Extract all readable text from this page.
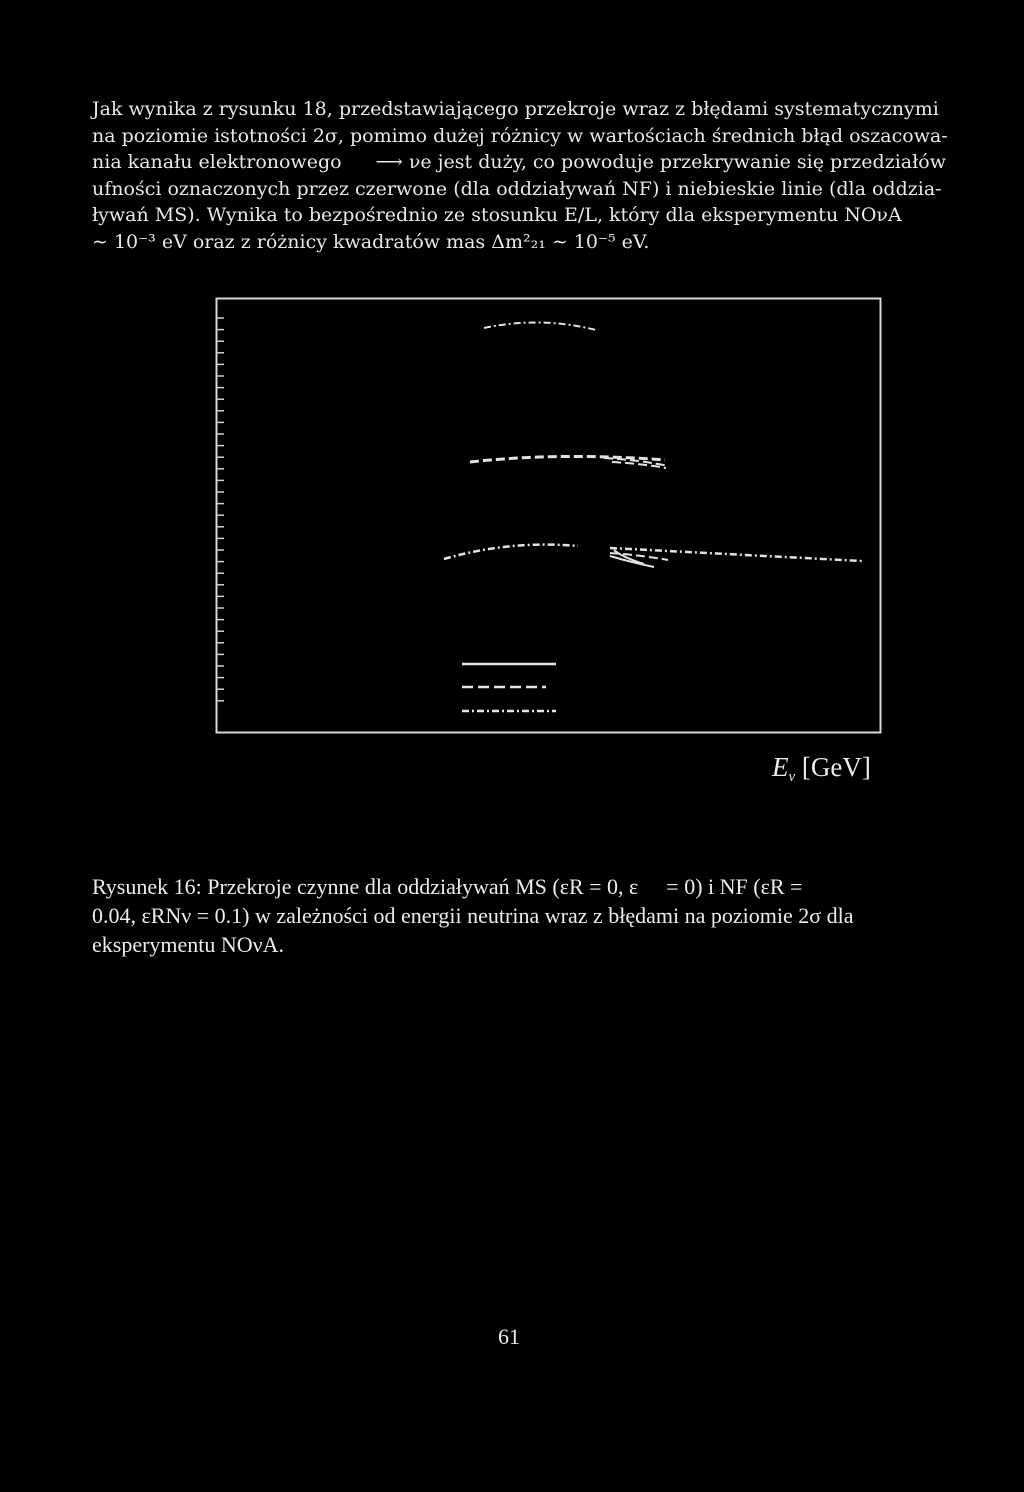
Jak wynika z rysunku 18, przedstawiającego przekroje wraz z błędami systematycznymi
na poziomie istotności 2σ, pomimo dużej różnicy w wartościach średnich błąd oszacowa-
nia kanału elektronowego ⟶ νe jest duży, co powoduje przekrywanie się przedziałów
ufności oznaczonych przez czerwone (dla oddziaływań NF) i niebieskie linie (dla oddzia-
ływań MS). Wynika to bezpośrednio ze stosunku E/L, który dla eksperymentu NOνA
∼ 10⁻³ eV oraz z różnicy kwadratów mas Δm²₂₁ ∼ 10⁻⁵ eV.

$E_\nu$ [GeV]

Rysunek 16: Przekroje czynne dla oddziaływań MS (εR = 0, ε = 0) i NF (εR =
0.04, εRNν = 0.1) w zależności od energii neutrina wraz z błędami na poziomie 2σ dla
eksperymentu NOνA.

61
